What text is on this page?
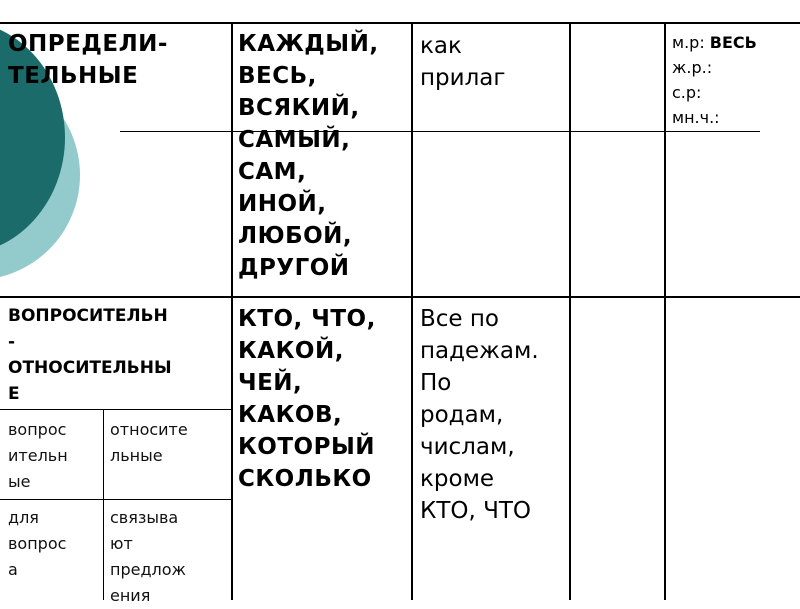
ОПРЕДЕЛИ-
ТЕЛЬНЫЕ
КАЖДЫЙ,
ВЕСЬ,
ВСЯКИЙ,
САМЫЙ,
САМ,
ИНОЙ,
ЛЮБОЙ,
ДРУГОЙ
как
прилаг
м.р: ВЕСЬ
ж.р.:
с.р:
мн.ч.:
ВОПРОСИТЕЛЬН
-
ОТНОСИТЕЛЬНЫ
Е
КТО, ЧТО,
КАКОЙ,
ЧЕЙ,
КАКОВ,
КОТОРЫЙ
СКОЛЬКО
Все по
падежам.
По
родам,
числам,
кроме
КТО, ЧТО
вопрос
ительн
ые
относите
льные
для
вопрос
а
связыва
ют
предлож
ения
